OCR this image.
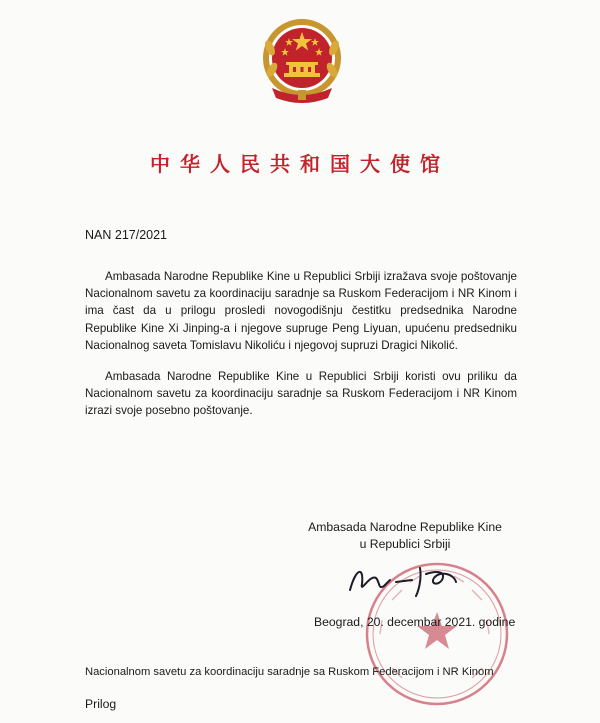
中华人民共和国大使馆
NAN 217/2021

Ambasada Narodne Republike Kine u Republici Srbiji izražava svoje poštovanje Nacionalnom savetu za koordinaciju saradnje sa Ruskom Federacijom i NR Kinom i ima čast da u prilogu prosledi novogodišnju čestitku predsednika Narodne Republike Kine Xi Jinping-a i njegove supruge Peng Liyuan, upućenu predsedniku Nacionalnog saveta Tomislavu Nikoliću i njegovoj supruzi Dragici Nikolić.

Ambasada Narodne Republike Kine u Republici Srbiji koristi ovu priliku da Nacionalnom savetu za koordinaciju saradnje sa Ruskom Federacijom i NR Kinom izrazi svoje posebno poštovanje.

Ambasada Narodne Republike Kine
u Republici Srbiji
Beograd, 20. decembar 2021. godine
Nacionalnom savetu za koordinaciju saradnje sa Ruskom Federacijom i NR Kinom
Prilog
